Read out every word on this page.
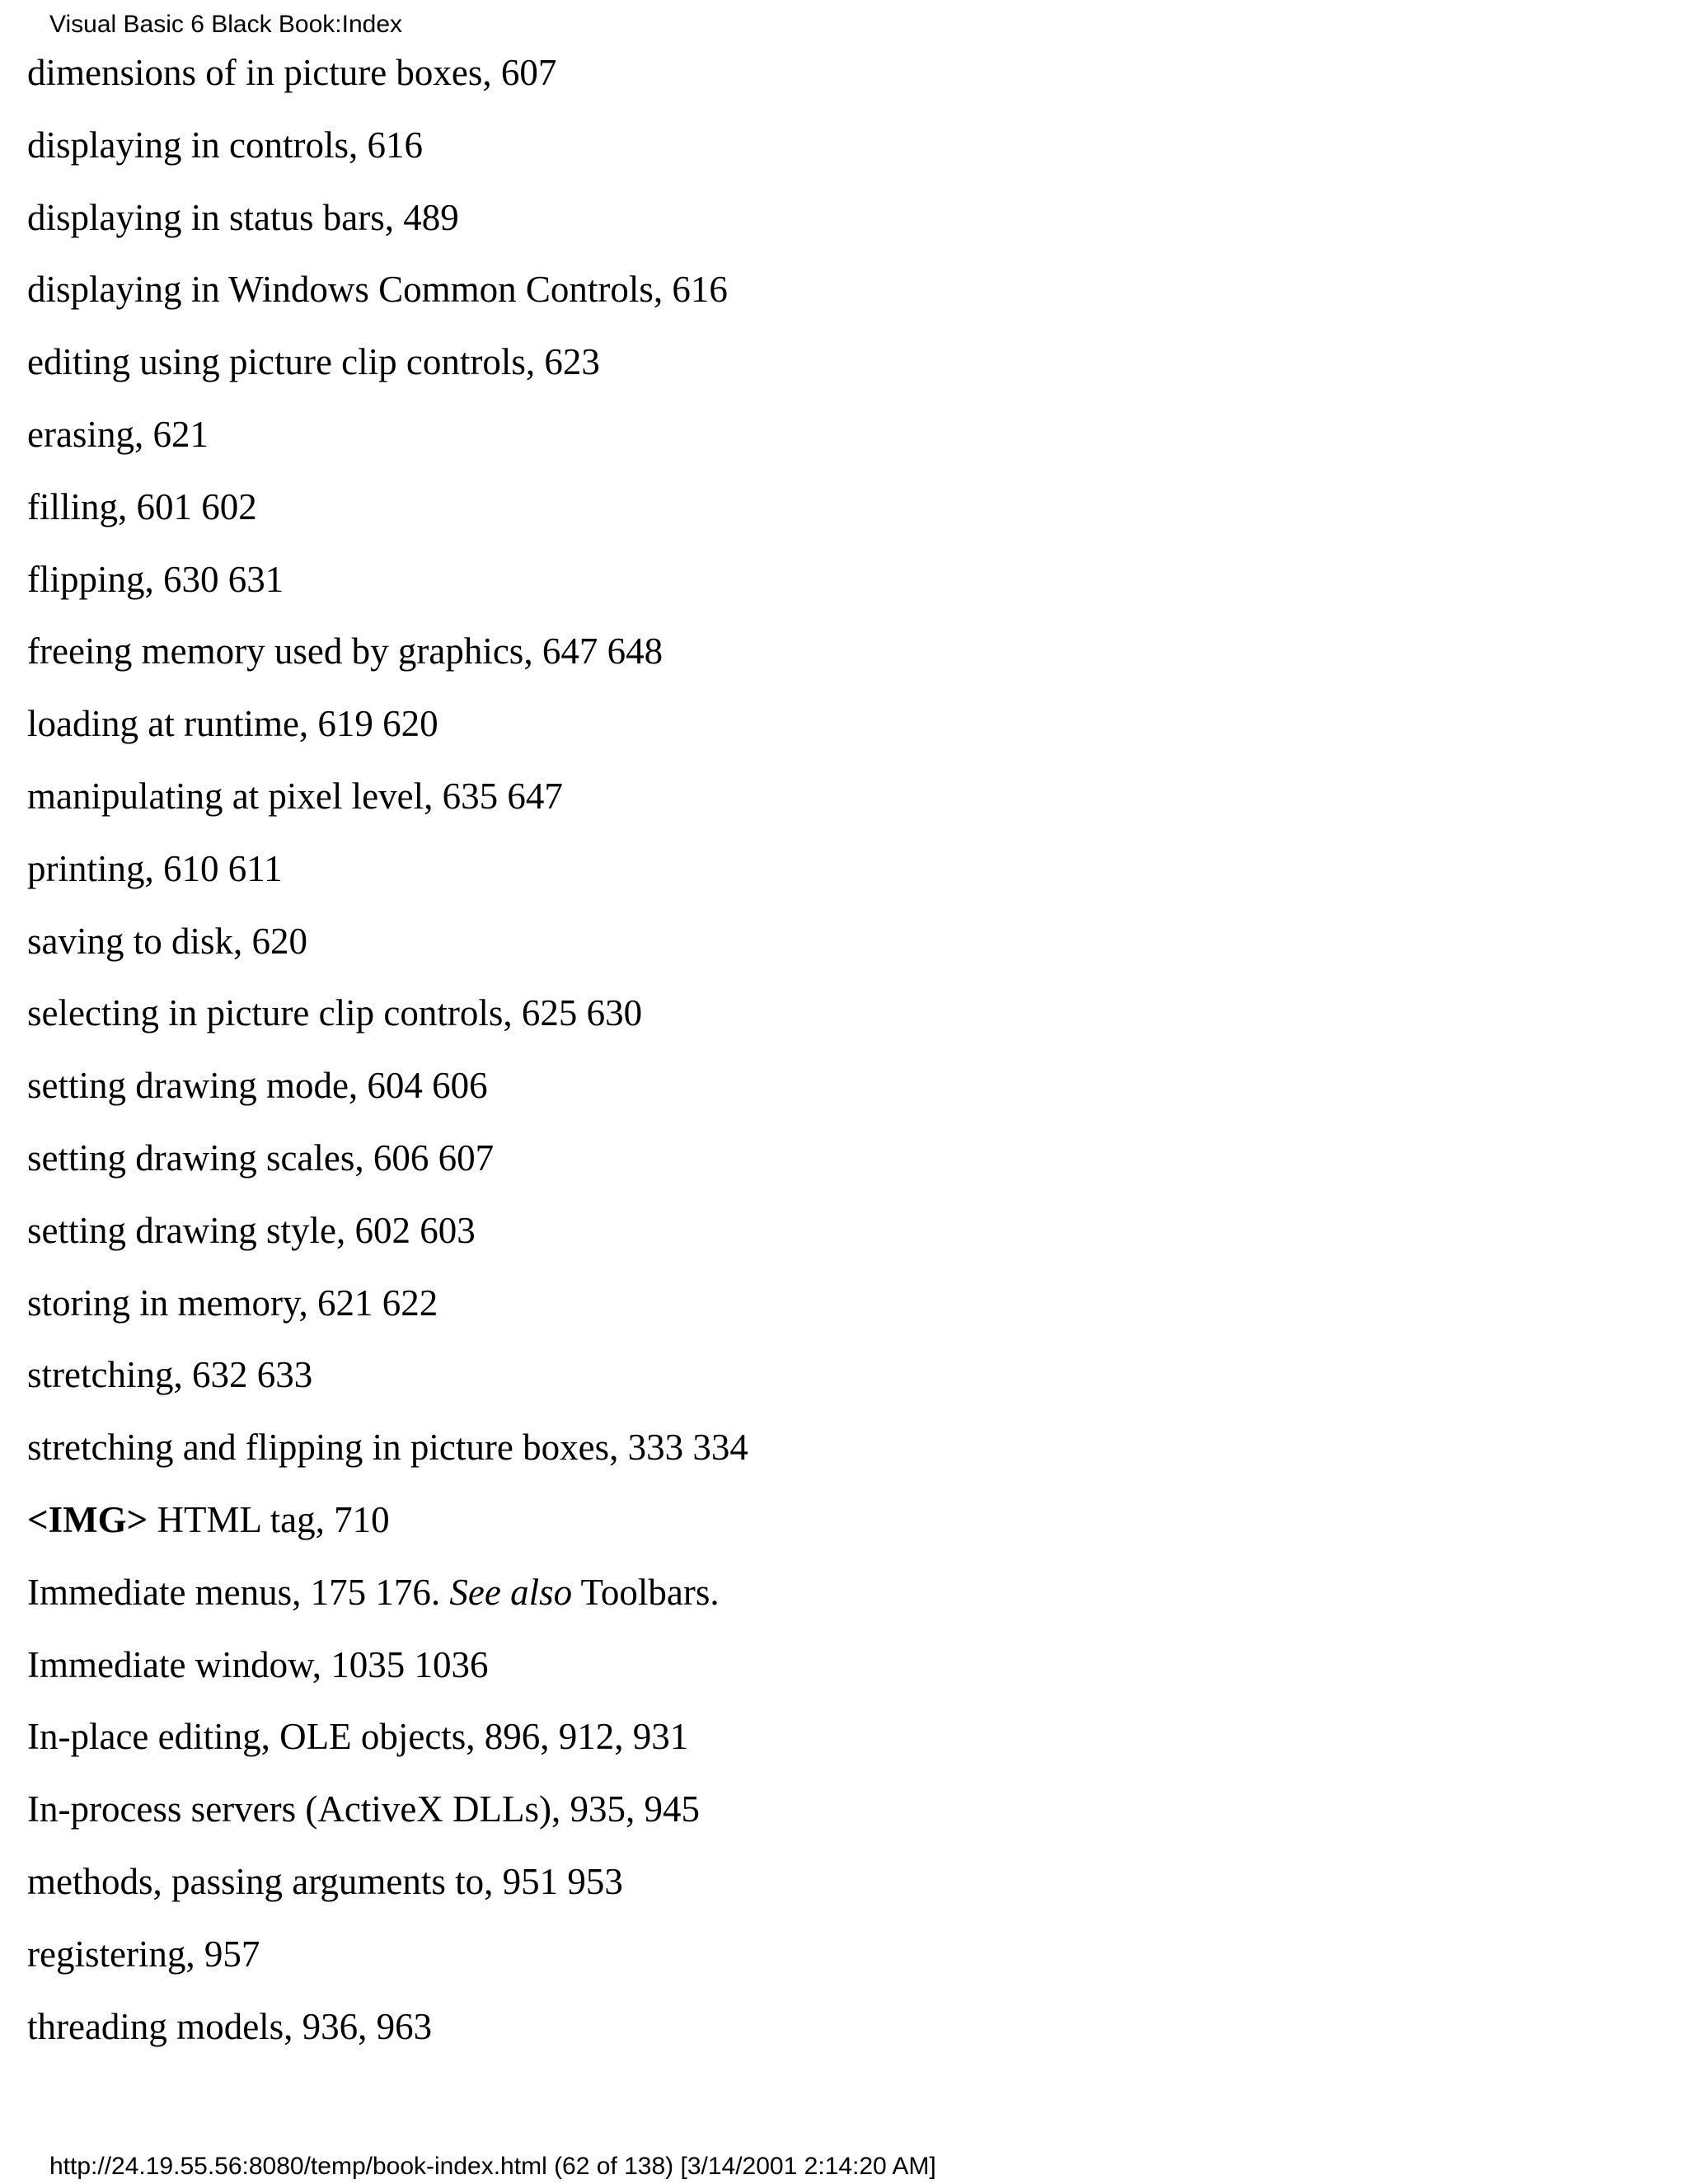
Visual Basic 6 Black Book:Index
dimensions of in picture boxes, 607
displaying in controls, 616
displaying in status bars, 489
displaying in Windows Common Controls, 616
editing using picture clip controls, 623
erasing, 621
filling, 601 602
flipping, 630 631
freeing memory used by graphics, 647 648
loading at runtime, 619 620
manipulating at pixel level, 635 647
printing, 610 611
saving to disk, 620
selecting in picture clip controls, 625 630
setting drawing mode, 604 606
setting drawing scales, 606 607
setting drawing style, 602 603
storing in memory, 621 622
stretching, 632 633
stretching and flipping in picture boxes, 333 334
<IMG> HTML tag, 710
Immediate menus, 175 176. See also Toolbars.
Immediate window, 1035 1036
In-place editing, OLE objects, 896, 912, 931
In-process servers (ActiveX DLLs), 935, 945
methods, passing arguments to, 951 953
registering, 957
threading models, 936, 963
http://24.19.55.56:8080/temp/book-index.html (62 of 138) [3/14/2001 2:14:20 AM]
